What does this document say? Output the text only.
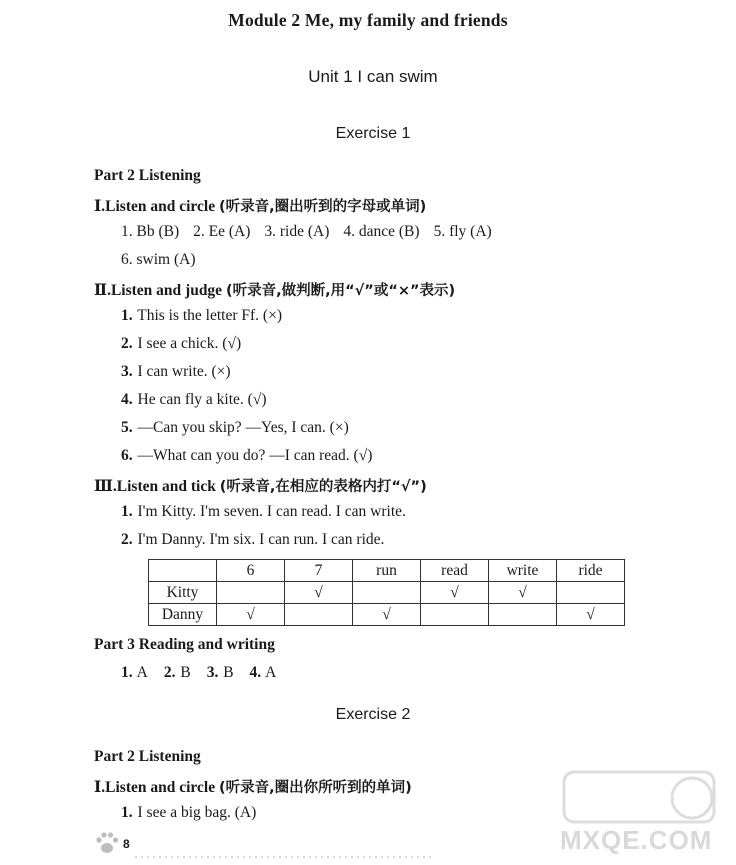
Module 2 Me, my family and friends
Unit 1 I can swim
Exercise 1
Part 2 Listening
Ⅰ.Listen and circle (听录音,圈出听到的字母或单词)
1. Bb (B) 2. Ee (A) 3. ride (A) 4. dance (B) 5. fly (A)
6. swim (A)
Ⅱ.Listen and judge (听录音,做判断,用“√”或“×”表示)
1. This is the letter Ff. (×)
2. I see a chick. (√)
3. I can write. (×)
4. He can fly a kite. (√)
5. —Can you skip? —Yes, I can. (×)
6. —What can you do? —I can read. (√)
Ⅲ.Listen and tick (听录音,在相应的表格内打“√”)
1. I'm Kitty. I'm seven. I can read. I can write.
2. I'm Danny. I'm six. I can run. I can ride.
	6	7	run	read	write	ride
Kitty		√		√	√	
Danny	√		√			√
Part 3 Reading and writing
1. A 2. B 3. B 4. A
Exercise 2
Part 2 Listening
Ⅰ.Listen and circle (听录音,圈出你所听到的单词)
1. I see a big bag. (A)
8	MXQE.COM
